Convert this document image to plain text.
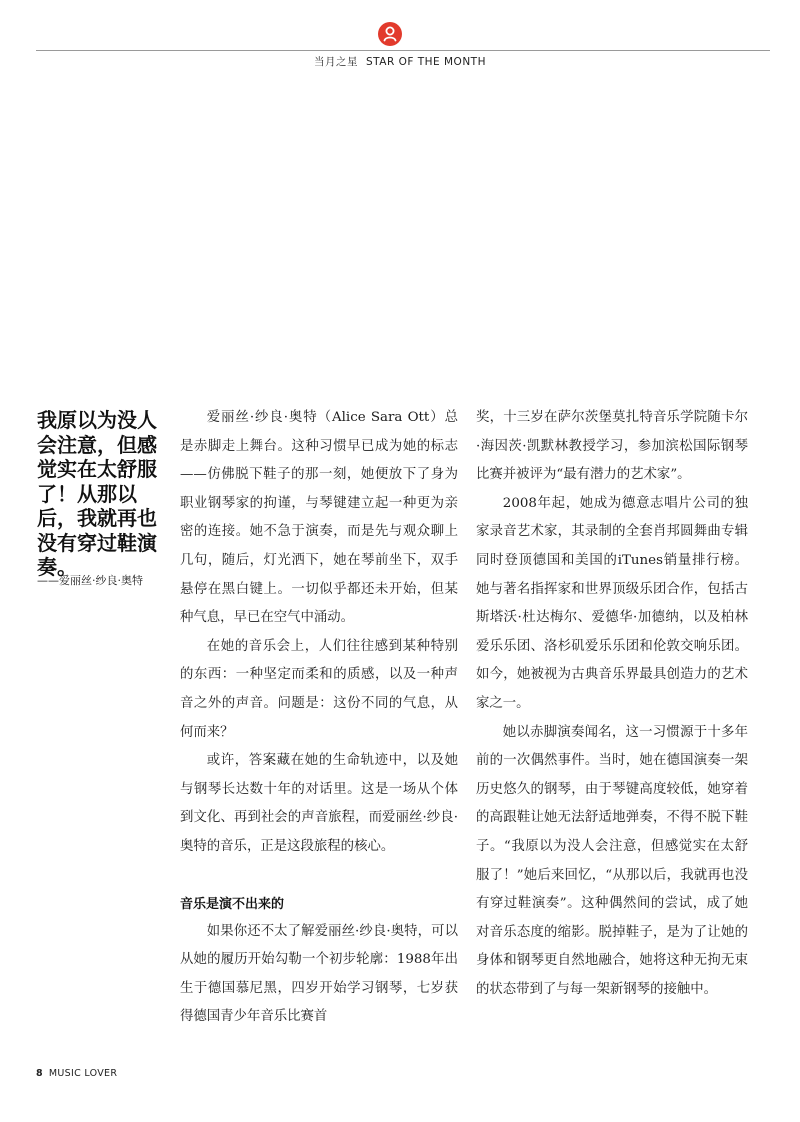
当月之星 STAR OF THE MONTH
我原以为没人会注意，但感觉实在太舒服了！从那以后，我就再也没有穿过鞋演奏。
——爱丽丝·纱良·奥特

爱丽丝·纱良·奥特（Alice Sara Ott）总是赤脚走上舞台。这种习惯早已成为她的标志——仿佛脱下鞋子的那一刻，她便放下了身为职业钢琴家的拘谨，与琴键建立起一种更为亲密的连接。她不急于演奏，而是先与观众聊上几句，随后，灯光洒下，她在琴前坐下，双手悬停在黑白键上。一切似乎都还未开始，但某种气息，早已在空气中涌动。

在她的音乐会上，人们往往感到某种特别的东西：一种坚定而柔和的质感，以及一种声音之外的声音。问题是：这份不同的气息，从何而来？

或许，答案藏在她的生命轨迹中，以及她与钢琴长达数十年的对话里。这是一场从个体到文化、再到社会的声音旅程，而爱丽丝·纱良·奥特的音乐，正是这段旅程的核心。

音乐是演不出来的

如果你还不太了解爱丽丝·纱良·奥特，可以从她的履历开始勾勒一个初步轮廓：1988年出生于德国慕尼黑，四岁开始学习钢琴，七岁获得德国青少年音乐比赛首

奖，十三岁在萨尔茨堡莫扎特音乐学院随卡尔·海因茨·凯默林教授学习，参加滨松国际钢琴比赛并被评为“最有潜力的艺术家”。

2008年起，她成为德意志唱片公司的独家录音艺术家，其录制的全套肖邦圆舞曲专辑同时登顶德国和美国的iTunes销量排行榜。她与著名指挥家和世界顶级乐团合作，包括古斯塔沃·杜达梅尔、爱德华·加德纳，以及柏林爱乐乐团、洛杉矶爱乐乐团和伦敦交响乐团。如今，她被视为古典音乐界最具创造力的艺术家之一。

她以赤脚演奏闻名，这一习惯源于十多年前的一次偶然事件。当时，她在德国演奏一架历史悠久的钢琴，由于琴键高度较低，她穿着的高跟鞋让她无法舒适地弹奏，不得不脱下鞋子。“我原以为没人会注意，但感觉实在太舒服了！”她后来回忆，“从那以后，我就再也没有穿过鞋演奏”。这种偶然间的尝试，成了她对音乐态度的缩影。脱掉鞋子，是为了让她的身体和钢琴更自然地融合，她将这种无拘无束的状态带到了与每一架新钢琴的接触中。

8 MUSIC LOVER
